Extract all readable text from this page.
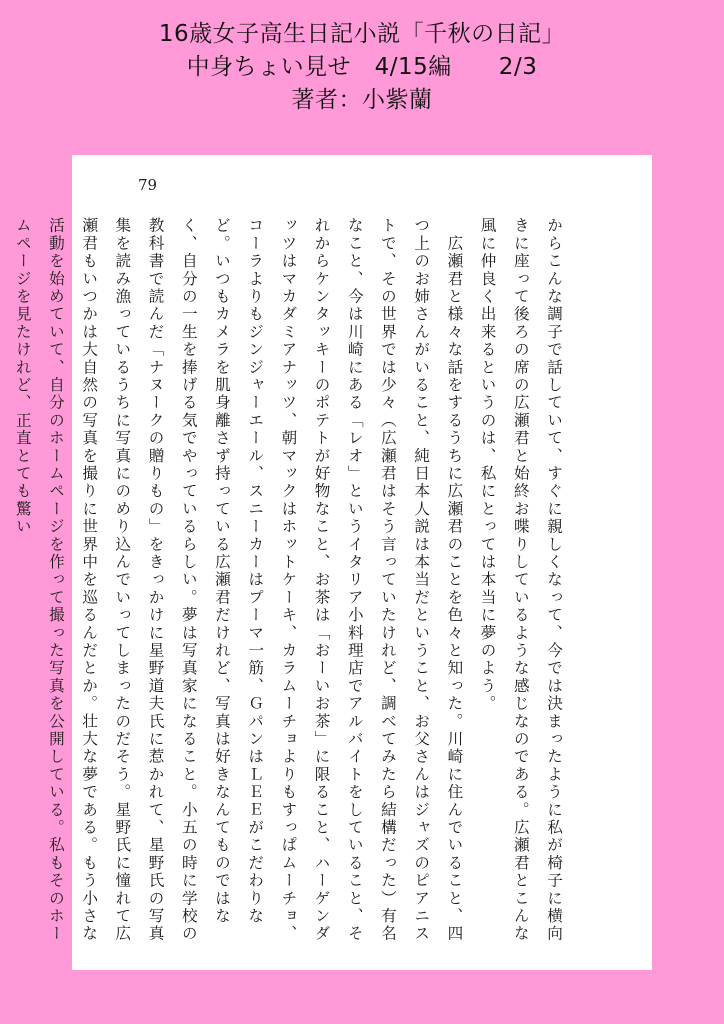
16歳女子高生日記小説「千秋の日記」
中身ちょい見せ　4/15編　　2/3
著者：小紫蘭
79

からこんな調子で話していて、すぐに親しくなって、今では決まったように私が椅子に横向きに座って後ろの席の広瀬君と始終お喋りしているような感じなのである。広瀬君とこんな風に仲良く出来るというのは、私にとっては本当に夢のよう。

　広瀬君と様々な話をするうちに広瀬君のことを色々と知った。川崎に住んでいること、四つ上のお姉さんがいること、純日本人説は本当だということ、お父さんはジャズのピアニストで、その世界では少々（広瀬君はそう言っていたけれど、調べてみたら結構だった）有名なこと、今は川崎にある「レオ」というイタリア小料理店でアルバイトをしていること、それからケンタッキーのポテトが好物なこと、お茶は「おーいお茶」に限ること、ハーゲンダッツはマカダミアナッツ、朝マックはホットケーキ、カラムーチョよりもすっぱムーチョ、コーラよりもジンジャーエール、スニーカーはプーマ一筋、ＧパンはＬＥＥがこだわりなど。いつもカメラを肌身離さず持っている広瀬君だけれど、写真は好きなんてものではなく、自分の一生を捧げる気でやっているらしい。夢は写真家になること。小五の時に学校の教科書で読んだ「ナヌークの贈りもの」をきっかけに星野道夫氏に惹かれて、星野氏の写真集を読み漁っているうちに写真にのめり込んでいってしまったのだそう。星野氏に憧れて広瀬君もいつかは大自然の写真を撮りに世界中を巡るんだとか。壮大な夢である。もう小さな活動を始めていて、自分のホームページを作って撮った写真を公開している。私もそのホームページを見たけれど、正直とても驚い
